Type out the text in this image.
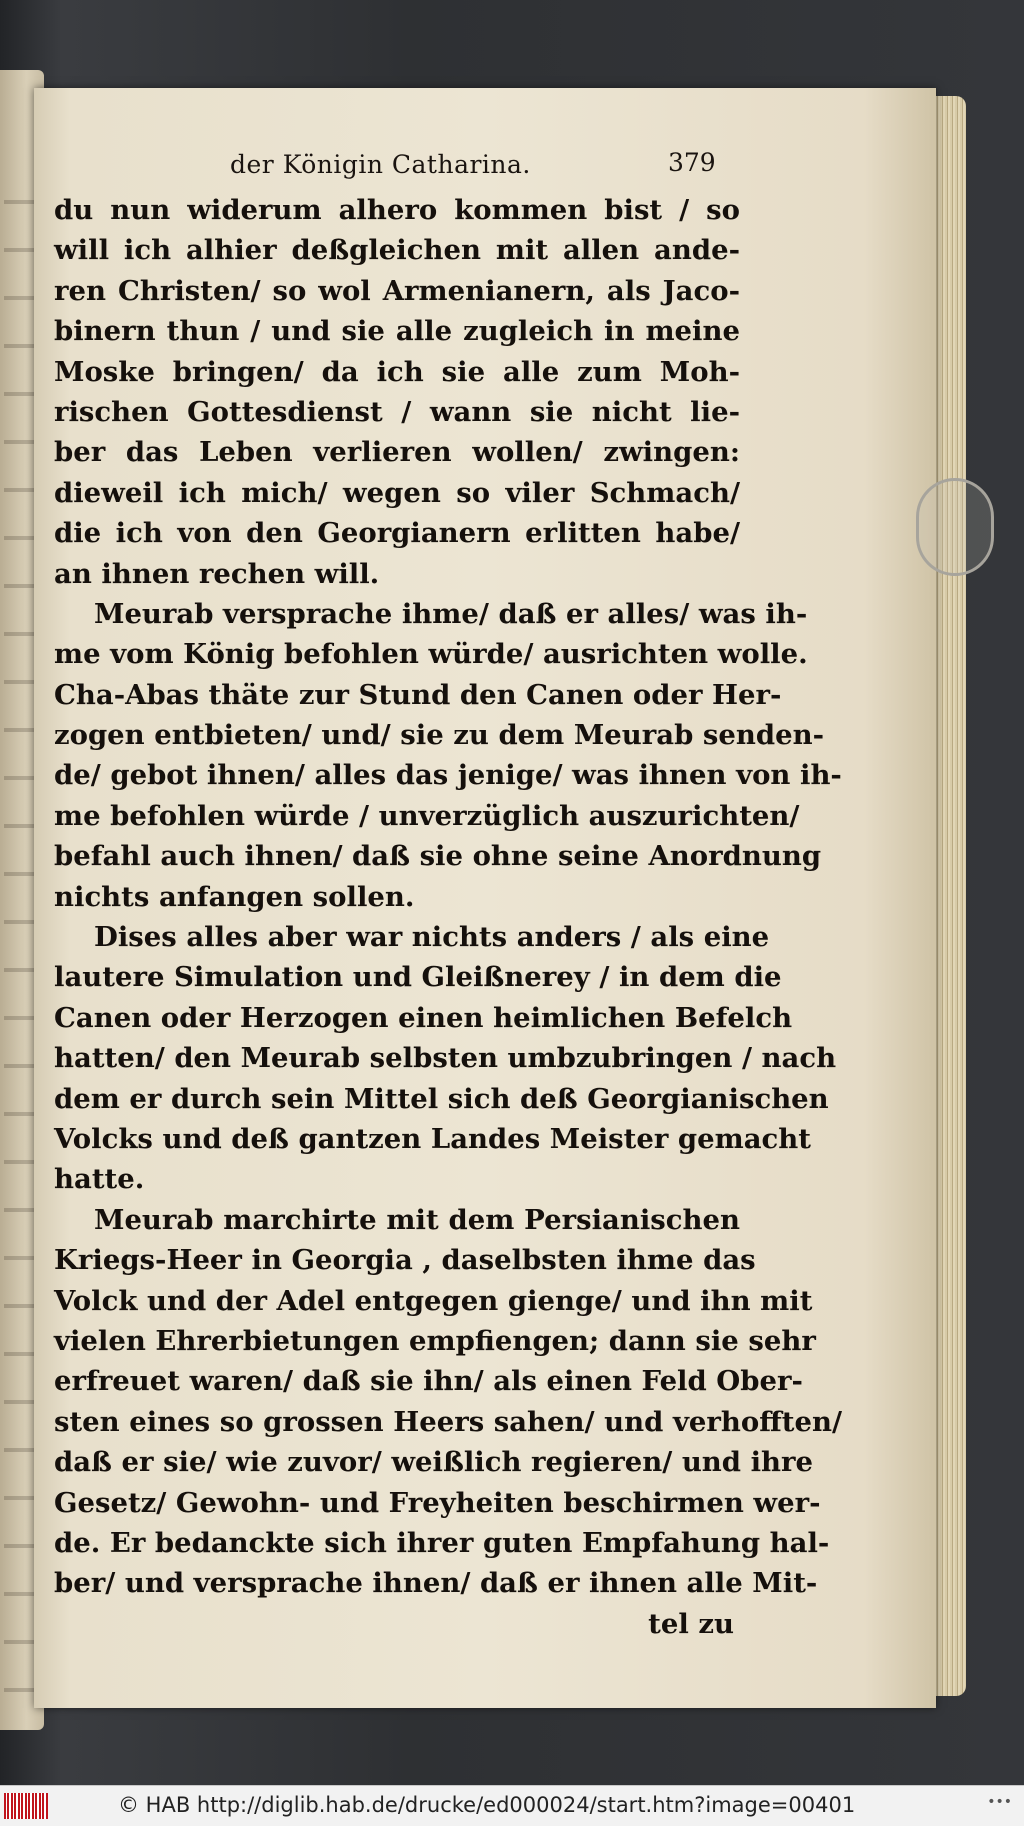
der Königin Catharina.	379
du nun widerum alhero kommen bist / so
will ich alhier deßgleichen mit allen ande-
ren Christen/ so wol Armenianern, als Jaco-
binern thun / und sie alle zugleich in meine
Moske bringen/ da ich sie alle zum Moh-
rischen Gottesdienst / wann sie nicht lie-
ber das Leben verlieren wollen/ zwingen:
dieweil ich mich/ wegen so viler Schmach/
die ich von den Georgianern erlitten habe/
an ihnen rechen will.
Meurab versprache ihme/ daß er alles/ was ih-
me vom König befohlen würde/ ausrichten wolle.
Cha-Abas thäte zur Stund den Canen oder Her-
zogen entbieten/ und/ sie zu dem Meurab senden-
de/ gebot ihnen/ alles das jenige/ was ihnen von ih-
me befohlen würde / unverzüglich auszurichten/
befahl auch ihnen/ daß sie ohne seine Anordnung
nichts anfangen sollen.
Dises alles aber war nichts anders / als eine
lautere Simulation und Gleißnerey / in dem die
Canen oder Herzogen einen heimlichen Befelch
hatten/ den Meurab selbsten umbzubringen / nach
dem er durch sein Mittel sich deß Georgianischen
Volcks und deß gantzen Landes Meister gemacht
hatte.
Meurab marchirte mit dem Persianischen
Kriegs-Heer in Georgia , daselbsten ihme das
Volck und der Adel entgegen gienge/ und ihn mit
vielen Ehrerbietungen empfiengen; dann sie sehr
erfreuet waren/ daß sie ihn/ als einen Feld Ober-
sten eines so grossen Heers sahen/ und verhofften/
daß er sie/ wie zuvor/ weißlich regieren/ und ihre
Gesetz/ Gewohn- und Freyheiten beschirmen wer-
de. Er bedanckte sich ihrer guten Empfahung hal-
ber/ und versprache ihnen/ daß er ihnen alle Mit-
tel zu
© HAB http://diglib.hab.de/drucke/ed000024/start.htm?image=00401	•••
